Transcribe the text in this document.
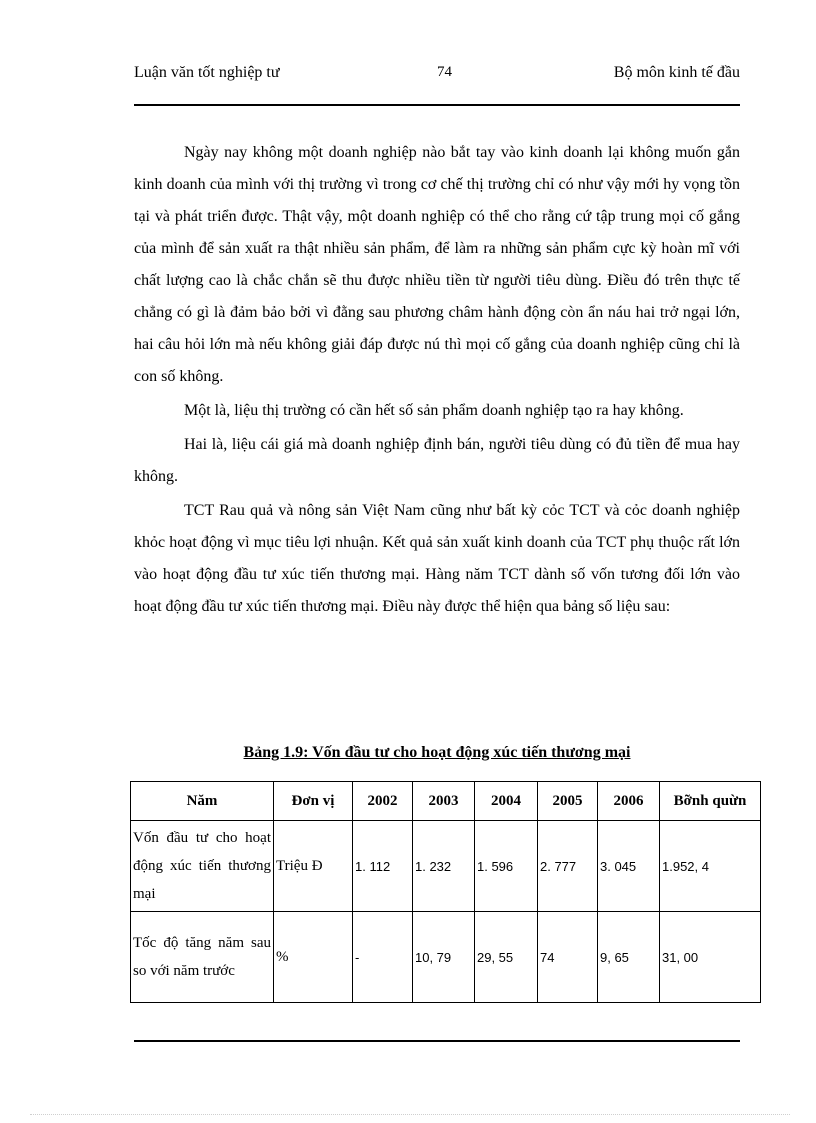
Luận văn tốt nghiệp tư	74	Bộ môn kinh tế đầu

Ngày nay không một doanh nghiệp nào bắt tay vào kinh doanh lại không muốn gắn kinh doanh của mình với thị trường vì trong cơ chế thị trường chỉ có như vậy mới hy vọng tồn tại và phát triển được. Thật vậy, một doanh nghiệp có thể cho rằng cứ tập trung mọi cố gắng của mình để sản xuất ra thật nhiều sản phẩm, để làm ra những sản phẩm cực kỳ hoàn mĩ với chất lượng cao là chắc chắn sẽ thu được nhiều tiền từ người tiêu dùng. Điều đó trên thực tế chẳng có gì là đảm bảo bởi vì đằng sau phương châm hành động còn ẩn náu hai trở ngại lớn, hai câu hỏi lớn mà nếu không giải đáp được nú thì mọi cố gắng của doanh nghiệp cũng chỉ là con số không.

Một là, liệu thị trường có cần hết số sản phẩm doanh nghiệp tạo ra hay không.

Hai là, liệu cái giá mà doanh nghiệp định bán, người tiêu dùng có đủ tiền để mua hay không.

TCT Rau quả và nông sản Việt Nam cũng như bất kỳ cỏc TCT và cỏc doanh nghiệp khỏc hoạt động vì mục tiêu lợi nhuận. Kết quả sản xuất kinh doanh của TCT phụ thuộc rất lớn vào hoạt động đầu tư xúc tiến thương mại. Hàng năm TCT dành số vốn tương đối lớn vào hoạt động đầu tư xúc tiến thương mại. Điều này được thể hiện qua bảng số liệu sau:

Bảng 1.9: Vốn đầu tư cho hoạt động xúc tiến thương mại
Năm	Đơn vị	2002	2003	2004	2005	2006	Bỡnh quừn
Vốn đầu tư cho hoạt động xúc tiến thương mại	Triệu Đ	1. 112	1. 232	1. 596	2. 777	3. 045	1.952, 4
Tốc độ tăng năm sau so với năm trước	%	-	10, 79	29, 55	74	9, 65	31, 00
